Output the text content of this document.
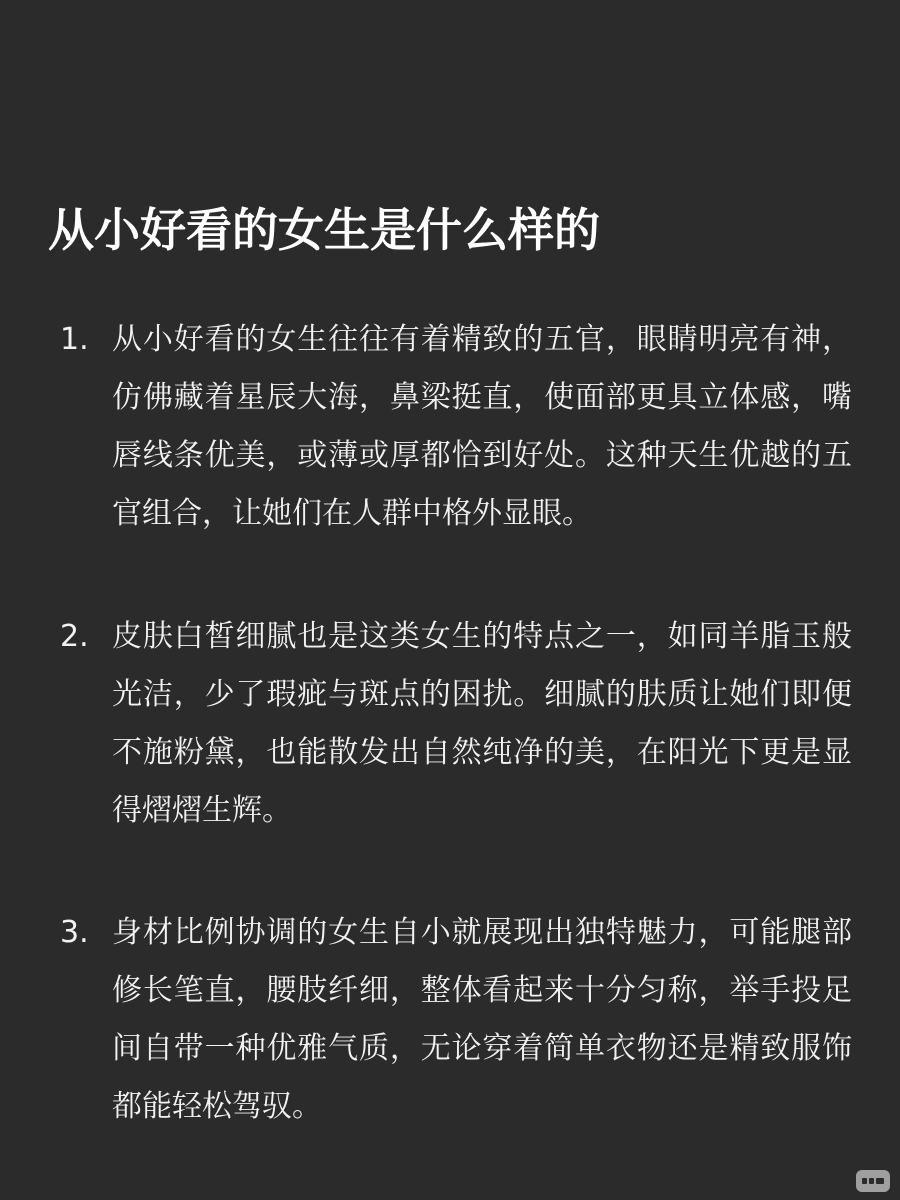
从小好看的女生是什么样的
1. 从小好看的女生往往有着精致的五官，眼睛明亮有神，仿佛藏着星辰大海，鼻梁挺直，使面部更具立体感，嘴唇线条优美，或薄或厚都恰到好处。这种天生优越的五官组合，让她们在人群中格外显眼。
2. 皮肤白皙细腻也是这类女生的特点之一，如同羊脂玉般光洁，少了瑕疵与斑点的困扰。细腻的肤质让她们即便不施粉黛，也能散发出自然纯净的美，在阳光下更是显得熠熠生辉。
3. 身材比例协调的女生自小就展现出独特魅力，可能腿部修长笔直，腰肢纤细，整体看起来十分匀称，举手投足间自带一种优雅气质，无论穿着简单衣物还是精致服饰都能轻松驾驭。
